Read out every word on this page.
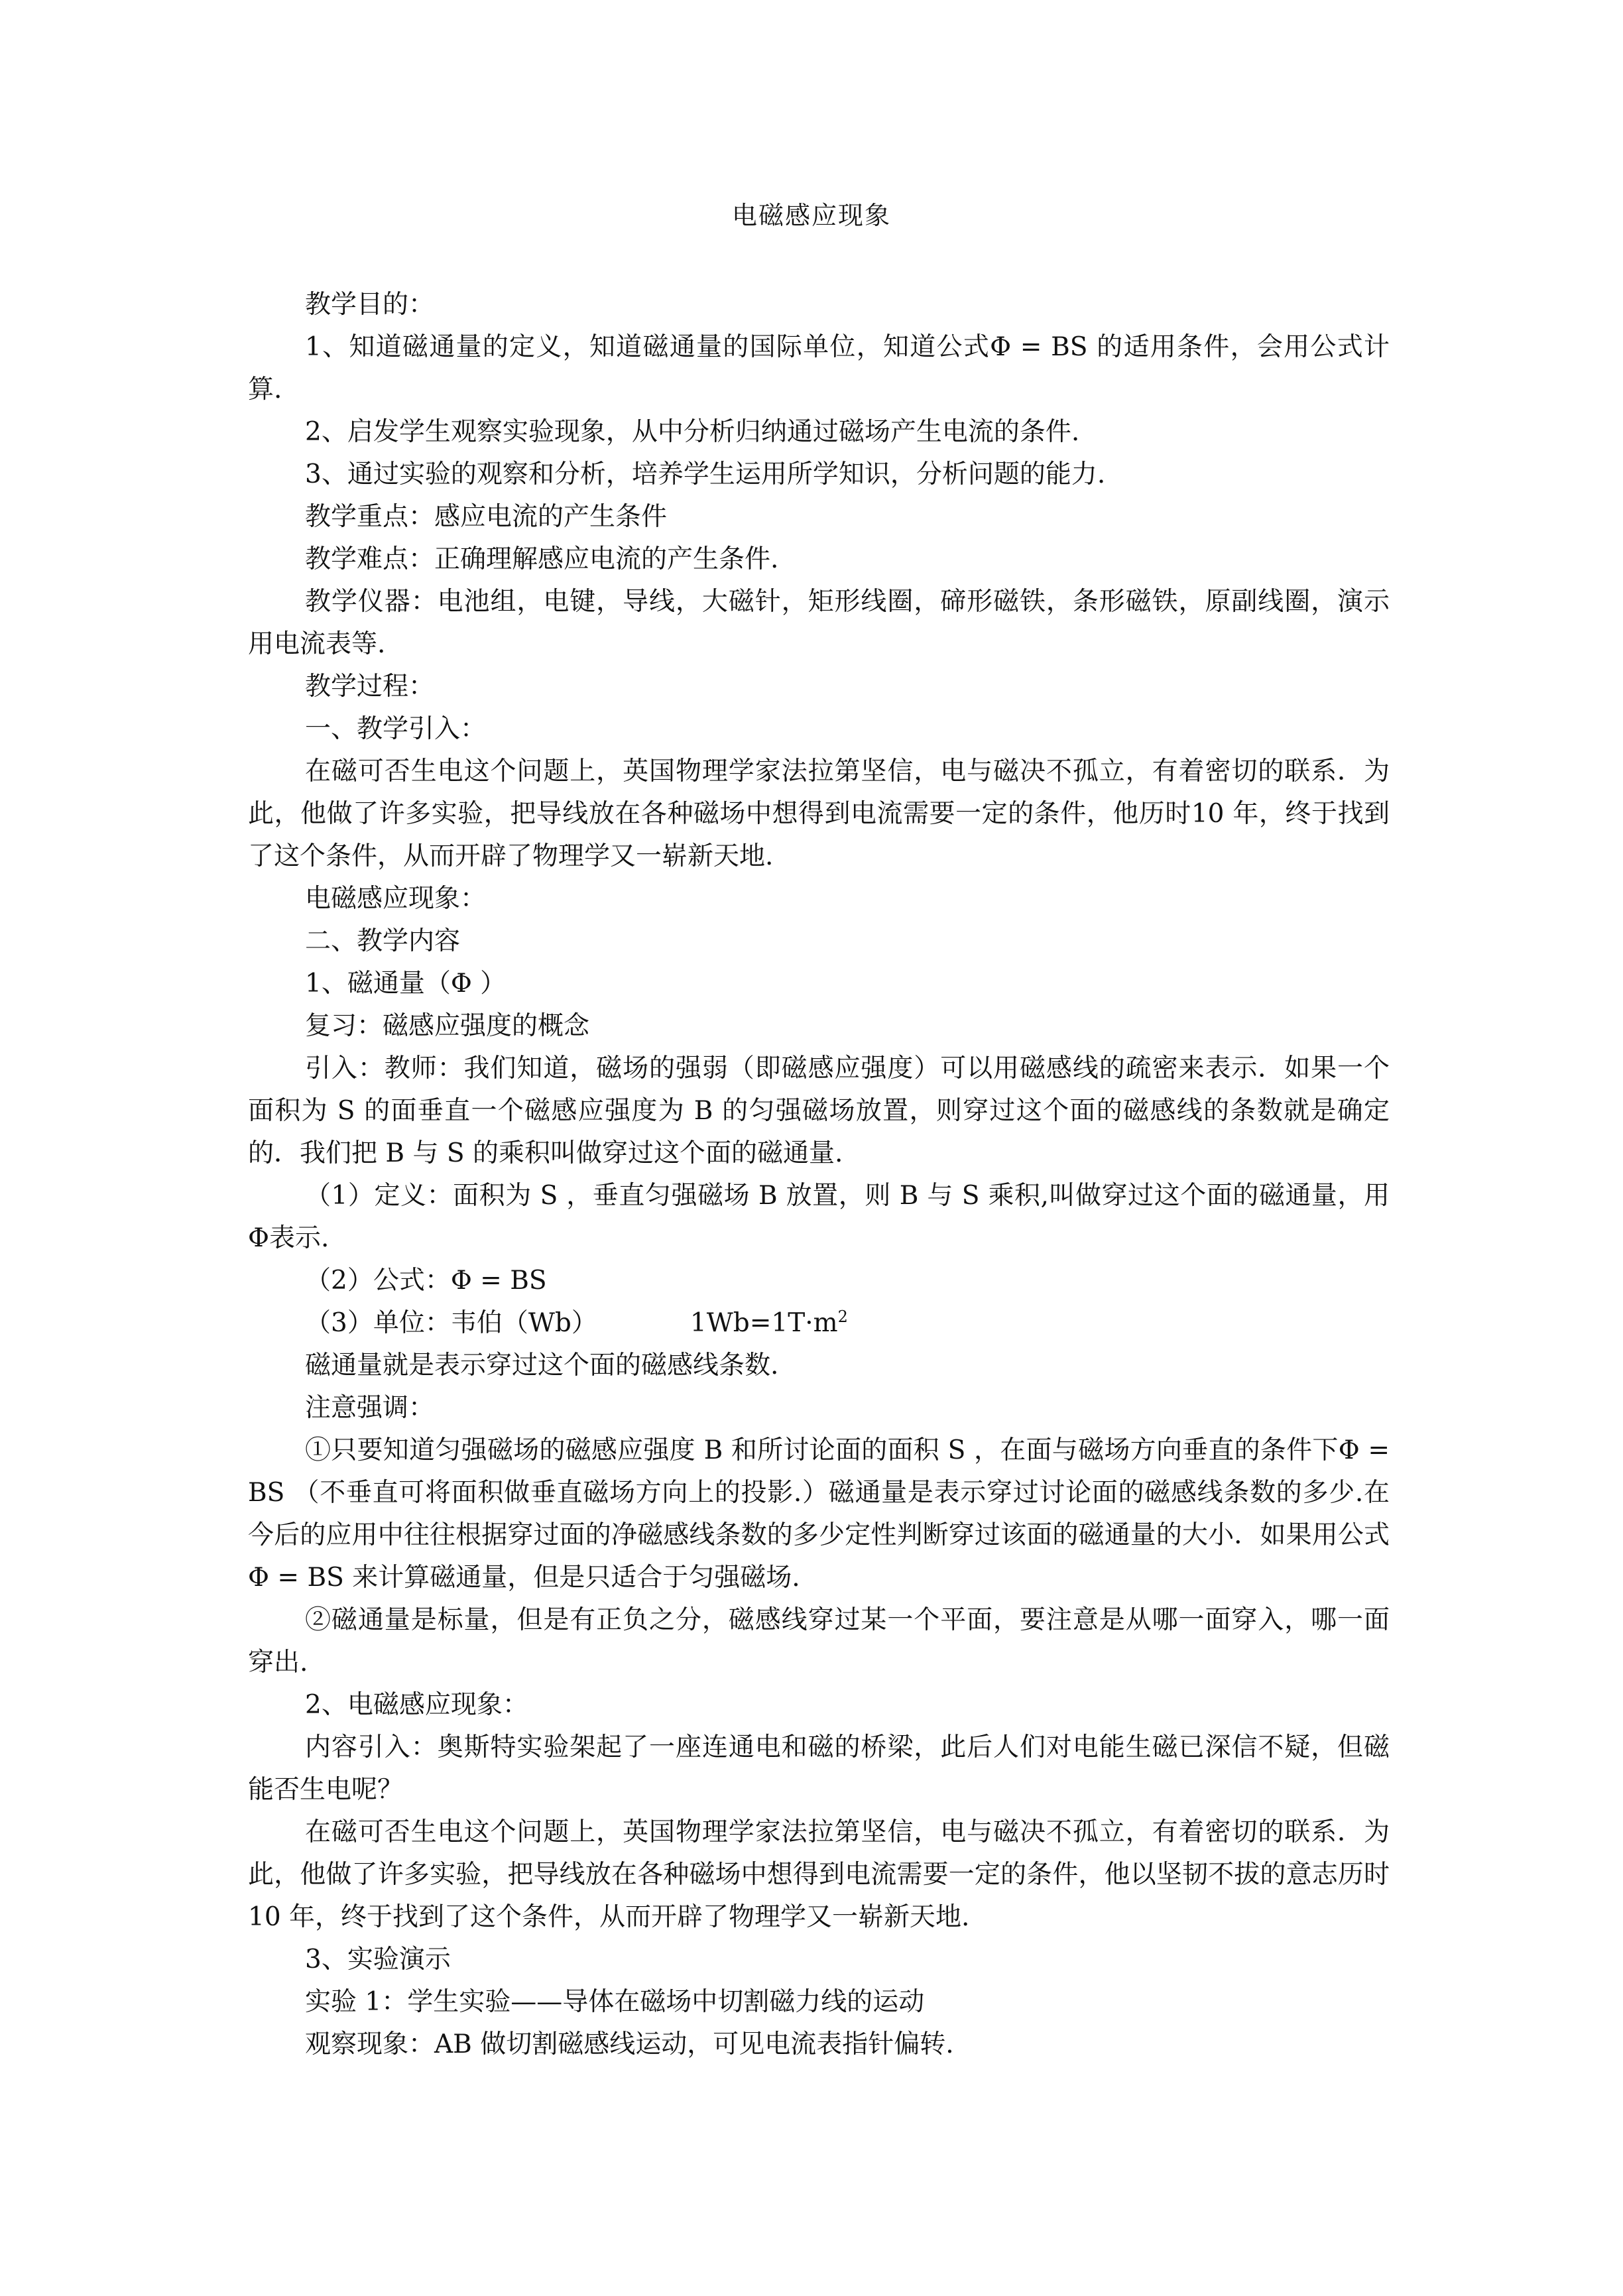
电磁感应现象

教学目的：

1、知道磁通量的定义，知道磁通量的国际单位，知道公式Φ = BS 的适用条件，会用公式计算.

2、启发学生观察实验现象，从中分析归纳通过磁场产生电流的条件.

3、通过实验的观察和分析，培养学生运用所学知识，分析问题的能力.

教学重点：感应电流的产生条件

教学难点：正确理解感应电流的产生条件.

教学仪器：电池组，电键，导线，大磁针，矩形线圈，碲形磁铁，条形磁铁，原副线圈，演示用电流表等.

教学过程：

一、教学引入：

在磁可否生电这个问题上，英国物理学家法拉第坚信，电与磁决不孤立，有着密切的联系．为此，他做了许多实验，把导线放在各种磁场中想得到电流需要一定的条件，他历时10 年，终于找到了这个条件，从而开辟了物理学又一崭新天地.

电磁感应现象：

二、教学内容

1、磁通量（Φ ）

复习：磁感应强度的概念

引入：教师：我们知道，磁场的强弱（即磁感应强度）可以用磁感线的疏密来表示．如果一个面积为 S 的面垂直一个磁感应强度为 B 的匀强磁场放置，则穿过这个面的磁感线的条数就是确定的．我们把 B 与 S 的乘积叫做穿过这个面的磁通量.

（1）定义：面积为 S ，垂直匀强磁场 B 放置，则 B 与 S 乘积,叫做穿过这个面的磁通量，用 Φ表示.

（2）公式：Φ = BS

（3）单位：韦伯（Wb）	$1Wb=1T\cdot m^2$

磁通量就是表示穿过这个面的磁感线条数.

注意强调：

①只要知道匀强磁场的磁感应强度 B 和所讨论面的面积 S ，在面与磁场方向垂直的条件下Φ = BS （不垂直可将面积做垂直磁场方向上的投影.）磁通量是表示穿过讨论面的磁感线条数的多少.在今后的应用中往往根据穿过面的净磁感线条数的多少定性判断穿过该面的磁通量的大小．如果用公式Φ = BS 来计算磁通量，但是只适合于匀强磁场.

②磁通量是标量，但是有正负之分，磁感线穿过某一个平面，要注意是从哪一面穿入，哪一面穿出.

2、电磁感应现象：

内容引入：奥斯特实验架起了一座连通电和磁的桥梁，此后人们对电能生磁已深信不疑，但磁能否生电呢？

在磁可否生电这个问题上，英国物理学家法拉第坚信，电与磁决不孤立，有着密切的联系．为此，他做了许多实验，把导线放在各种磁场中想得到电流需要一定的条件，他以坚韧不拔的意志历时 10 年，终于找到了这个条件，从而开辟了物理学又一崭新天地.

3、实验演示

实验 1：学生实验——导体在磁场中切割磁力线的运动

观察现象：AB 做切割磁感线运动，可见电流表指针偏转.
